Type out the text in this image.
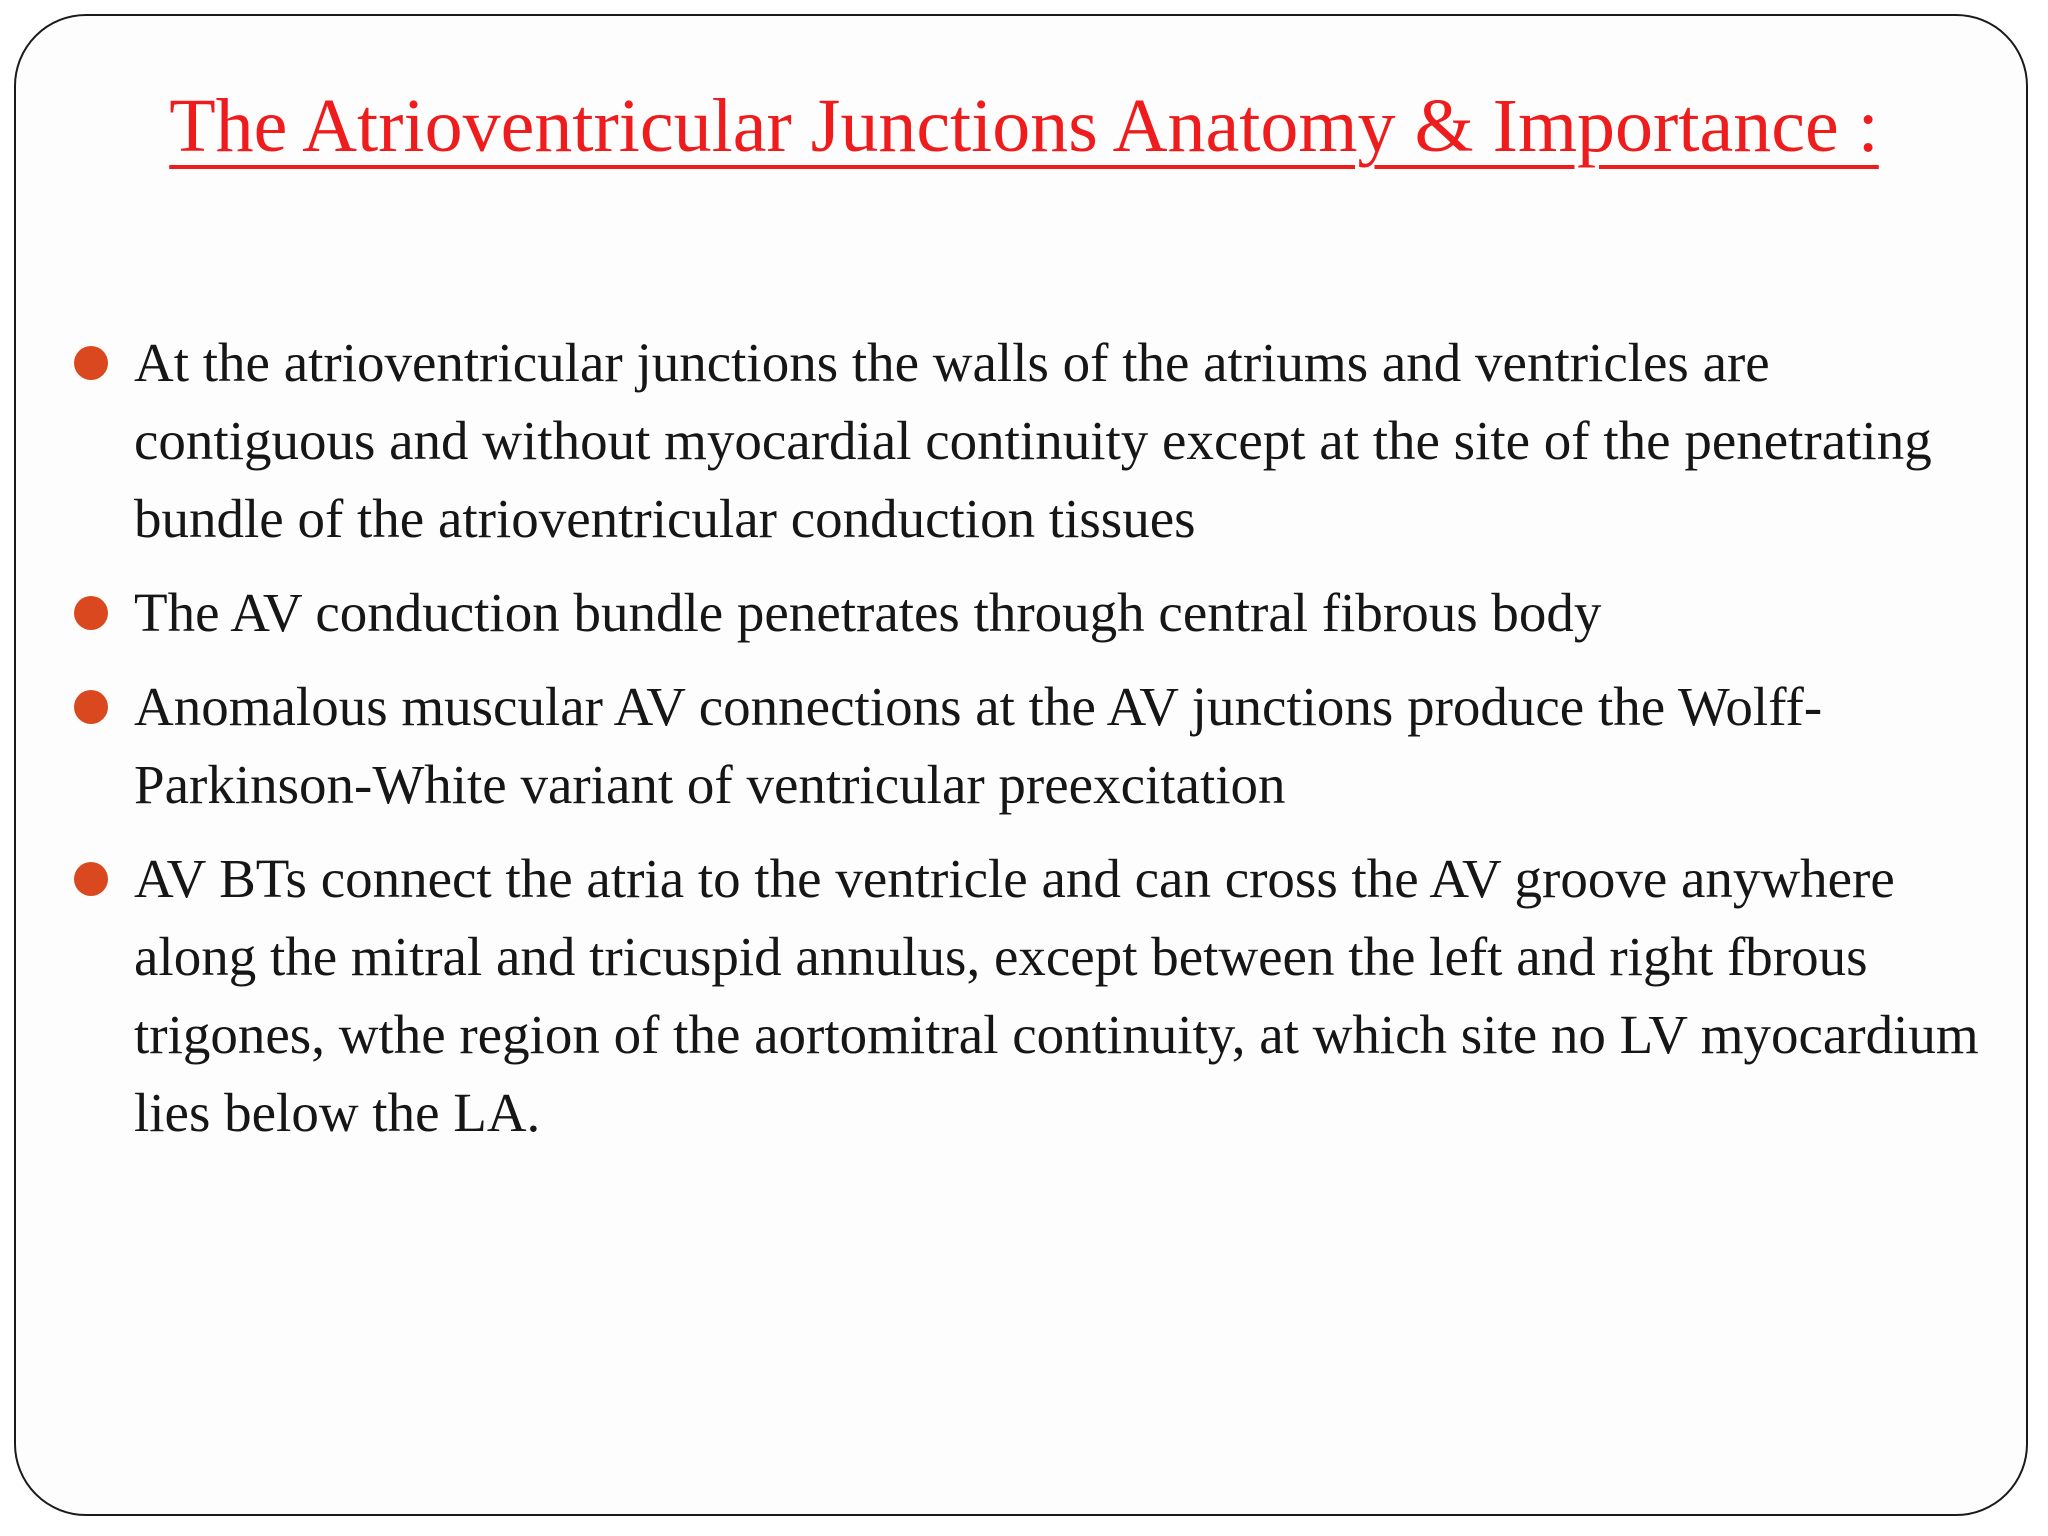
The Atrioventricular Junctions Anatomy & Importance :
At the atrioventricular junctions the walls of the atriums and ventricles are contiguous and without myocardial continuity except at the site of the penetrating bundle of the atrioventricular conduction tissues
The AV conduction bundle penetrates through central fibrous body
Anomalous muscular AV connections at the AV junctions produce the Wolff-Parkinson-White variant of ventricular preexcitation
AV BTs connect the atria to the ventricle and can cross the AV groove anywhere along the mitral and tricuspid annulus, except between the left and right fbrous trigones, wthe region of the aortomitral continuity, at which site no LV myocardium lies below the LA.
